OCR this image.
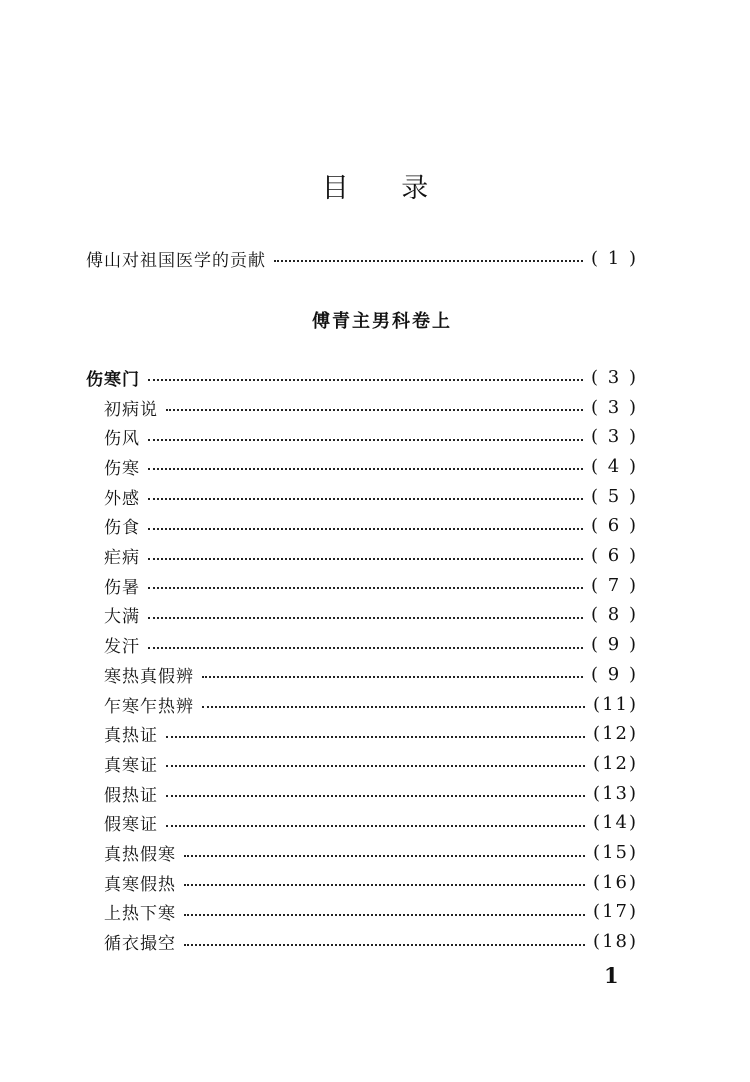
目 录
傅山对祖国医学的贡献	( 1 )
傅青主男科卷上
伤寒门	( 3 )
初病说	( 3 )
伤风	( 3 )
伤寒	( 4 )
外感	( 5 )
伤食	( 6 )
疟病	( 6 )
伤暑	( 7 )
大满	( 8 )
发汗	( 9 )
寒热真假辨	( 9 )
乍寒乍热辨	(11)
真热证	(12)
真寒证	(12)
假热证	(13)
假寒证	(14)
真热假寒	(15)
真寒假热	(16)
上热下寒	(17)
循衣撮空	(18)
1
